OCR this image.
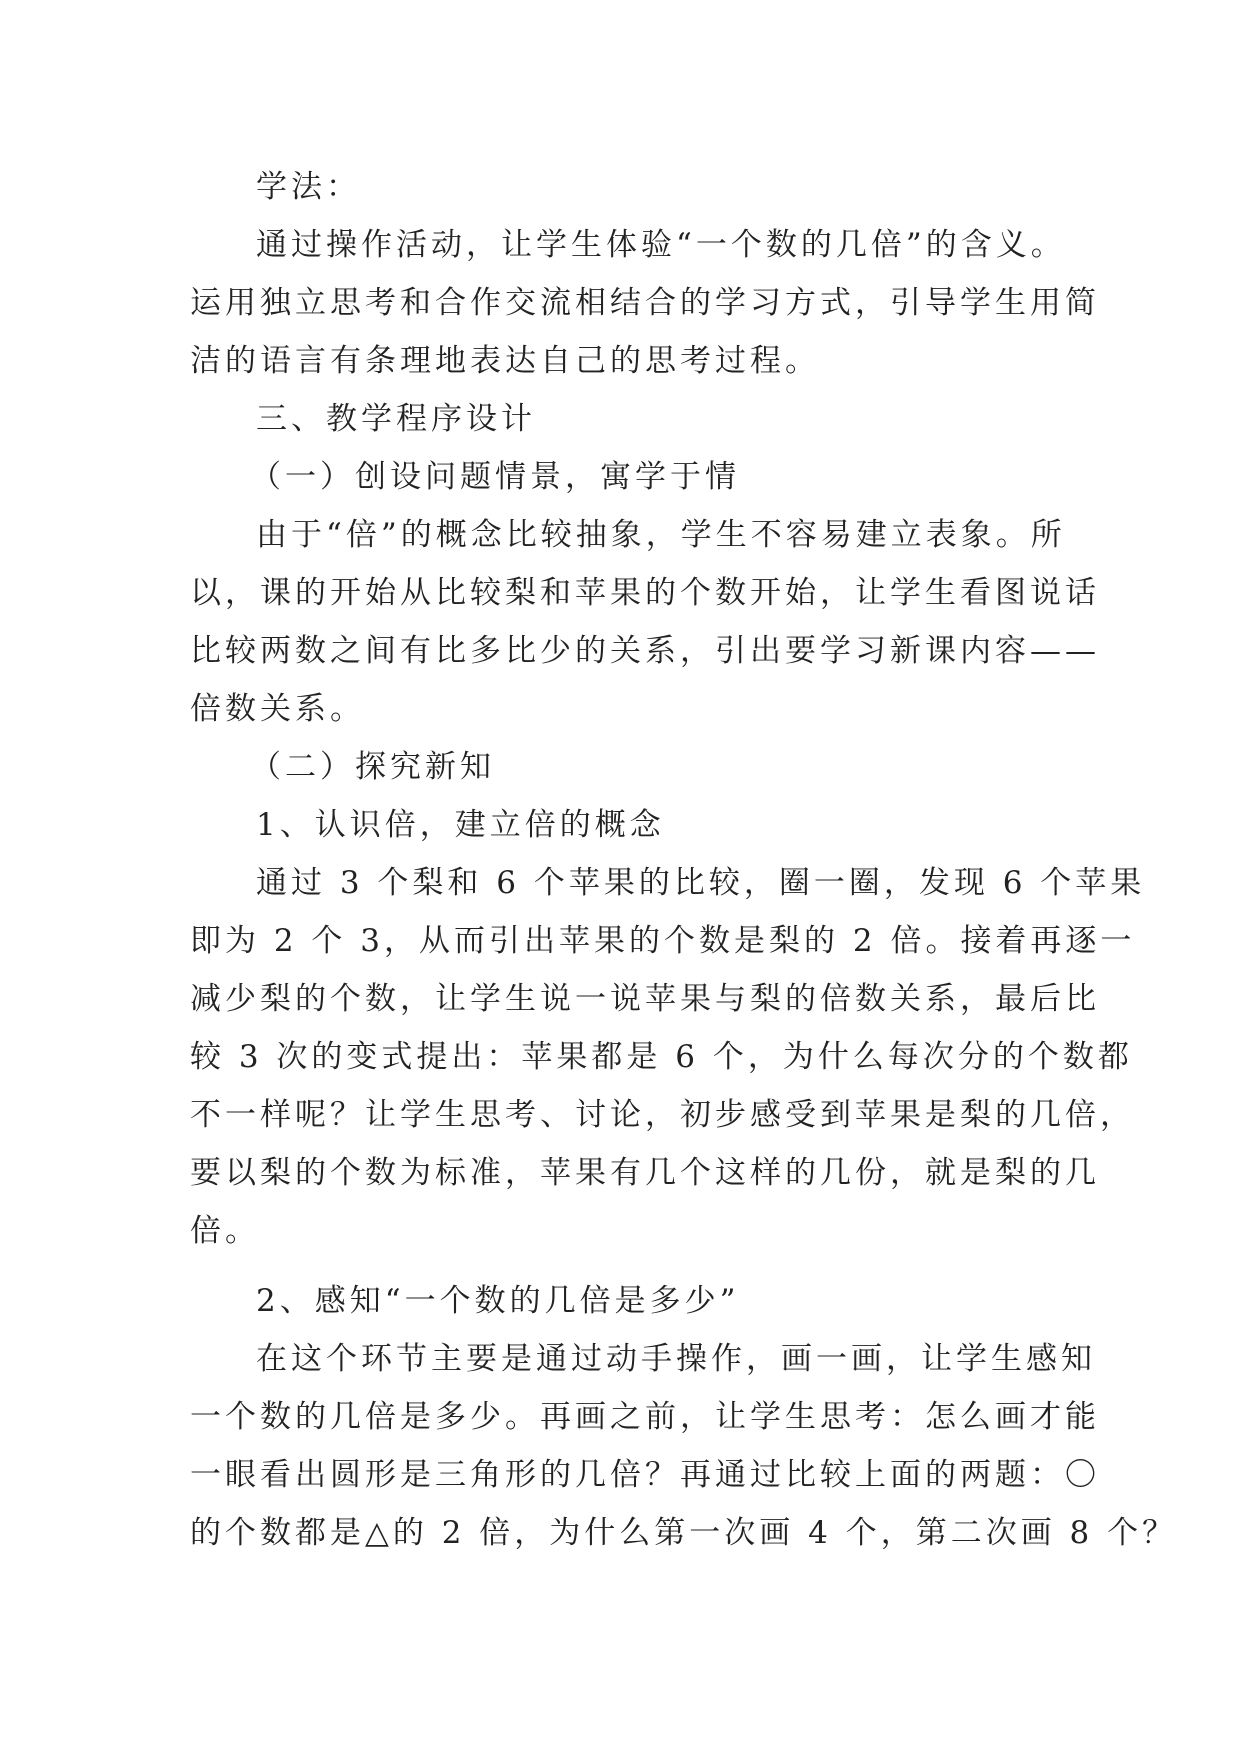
学法：
通过操作活动，让学生体验“一个数的几倍”的含义。
运用独立思考和合作交流相结合的学习方式，引导学生用简
洁的语言有条理地表达自己的思考过程。
三、教学程序设计
（一）创设问题情景，寓学于情
由于“倍”的概念比较抽象，学生不容易建立表象。所
以，课的开始从比较梨和苹果的个数开始，让学生看图说话
比较两数之间有比多比少的关系，引出要学习新课内容——
倍数关系。
（二）探究新知
1、认识倍，建立倍的概念
通过 3 个梨和 6 个苹果的比较，圈一圈，发现 6 个苹果
即为 2 个 3，从而引出苹果的个数是梨的 2 倍。接着再逐一
减少梨的个数，让学生说一说苹果与梨的倍数关系，最后比
较 3 次的变式提出：苹果都是 6 个，为什么每次分的个数都
不一样呢？让学生思考、讨论，初步感受到苹果是梨的几倍，
要以梨的个数为标准，苹果有几个这样的几份，就是梨的几
倍。
2、感知“一个数的几倍是多少”
在这个环节主要是通过动手操作，画一画，让学生感知
一个数的几倍是多少。再画之前，让学生思考：怎么画才能
一眼看出圆形是三角形的几倍？再通过比较上面的两题：〇
的个数都是△的 2 倍，为什么第一次画 4 个，第二次画 8 个？
